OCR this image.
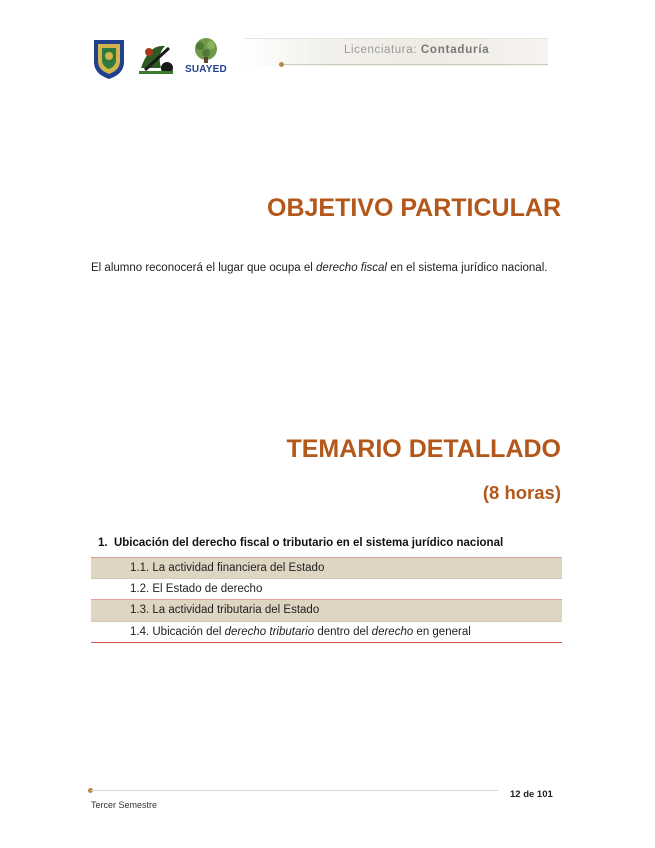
SUAYED
Licenciatura: Contaduría
OBJETIVO PARTICULAR

El alumno reconocerá el lugar que ocupa el derecho fiscal en el sistema jurídico nacional.

TEMARIO DETALLADO
(8 horas)
1.  Ubicación del derecho fiscal o tributario en el sistema jurídico nacional
1.1. La actividad financiera del Estado
1.2. El Estado de derecho
1.3. La actividad tributaria del Estado
1.4. Ubicación del derecho tributario dentro del derecho en general
12 de 101
Tercer Semestre
